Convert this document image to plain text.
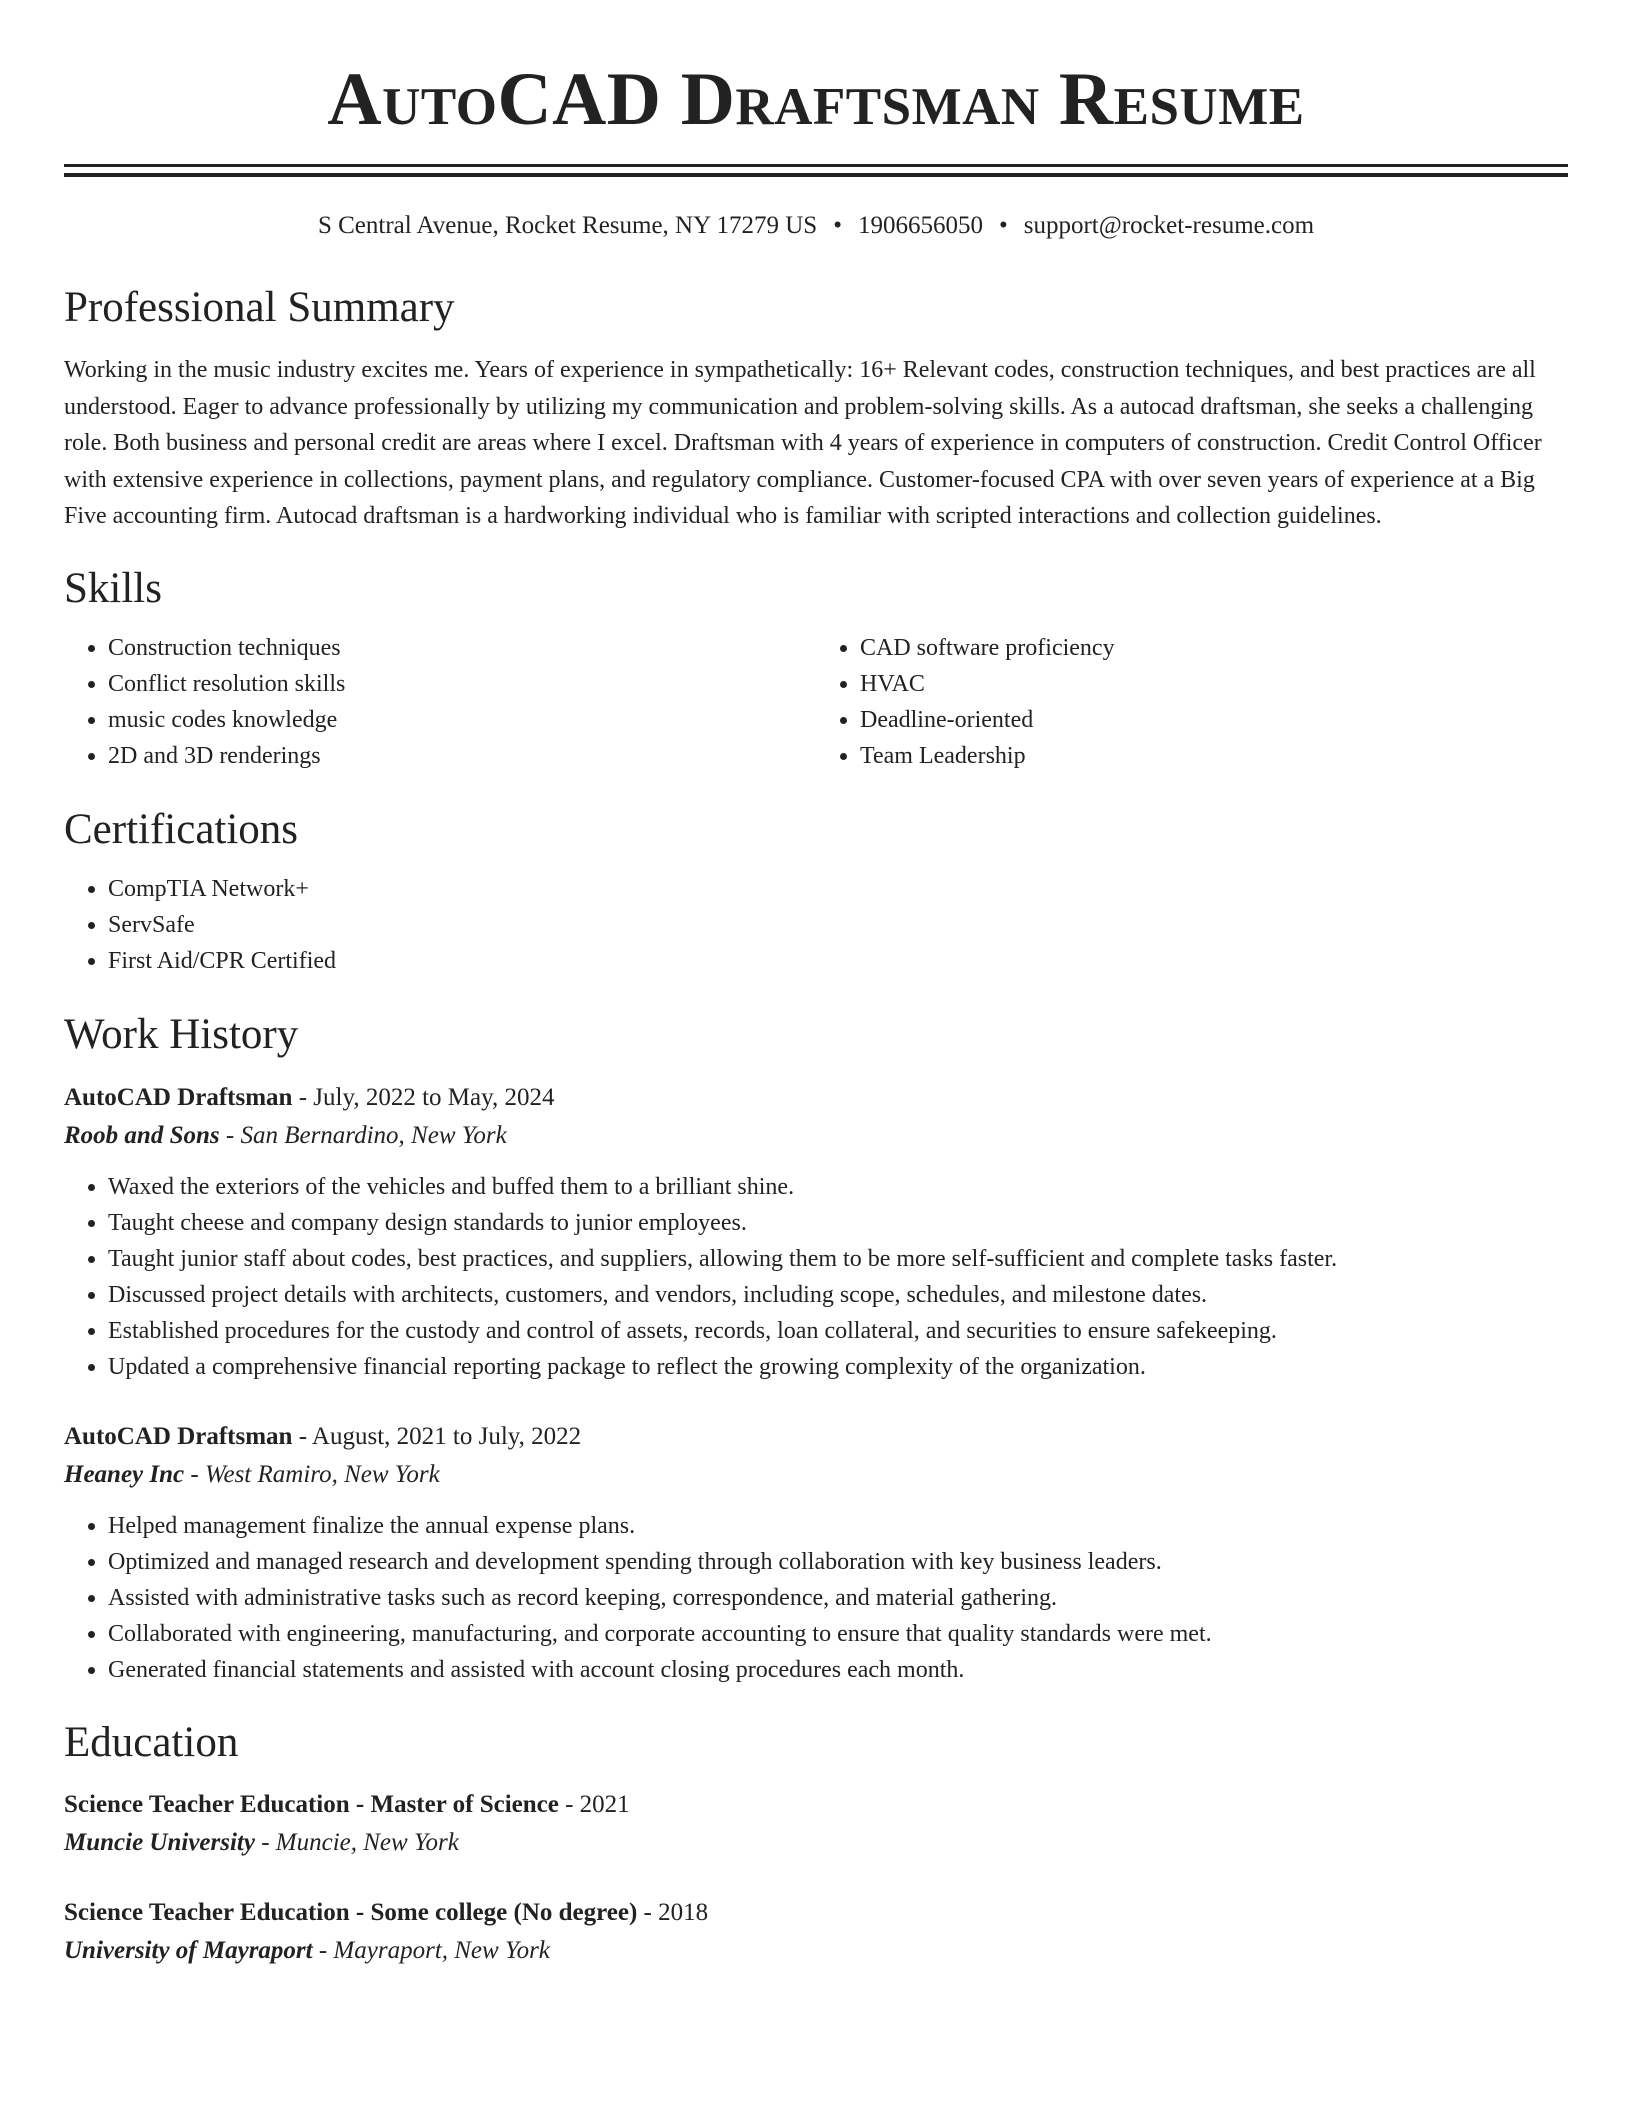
AutoCAD Draftsman Resume
S Central Avenue, Rocket Resume, NY 17279 US • 1906656050 • support@rocket-resume.com
Professional Summary

Working in the music industry excites me. Years of experience in sympathetically: 16+ Relevant codes, construction techniques, and best practices are all understood. Eager to advance professionally by utilizing my communication and problem-solving skills. As a autocad draftsman, she seeks a challenging role. Both business and personal credit are areas where I excel. Draftsman with 4 years of experience in computers of construction. Credit Control Officer with extensive experience in collections, payment plans, and regulatory compliance. Customer-focused CPA with over seven years of experience at a Big Five accounting firm. Autocad draftsman is a hardworking individual who is familiar with scripted interactions and collection guidelines.

Skills
• Construction techniques
• Conflict resolution skills
• music codes knowledge
• 2D and 3D renderings
• CAD software proficiency
• HVAC
• Deadline-oriented
• Team Leadership
Certifications
• CompTIA Network+
• ServSafe
• First Aid/CPR Certified
Work History
AutoCAD Draftsman - July, 2022 to May, 2024
Roob and Sons - San Bernardino, New York
• Waxed the exteriors of the vehicles and buffed them to a brilliant shine.
• Taught cheese and company design standards to junior employees.
• Taught junior staff about codes, best practices, and suppliers, allowing them to be more self-sufficient and complete tasks faster.
• Discussed project details with architects, customers, and vendors, including scope, schedules, and milestone dates.
• Established procedures for the custody and control of assets, records, loan collateral, and securities to ensure safekeeping.
• Updated a comprehensive financial reporting package to reflect the growing complexity of the organization.
AutoCAD Draftsman - August, 2021 to July, 2022
Heaney Inc - West Ramiro, New York
• Helped management finalize the annual expense plans.
• Optimized and managed research and development spending through collaboration with key business leaders.
• Assisted with administrative tasks such as record keeping, correspondence, and material gathering.
• Collaborated with engineering, manufacturing, and corporate accounting to ensure that quality standards were met.
• Generated financial statements and assisted with account closing procedures each month.
Education
Science Teacher Education - Master of Science - 2021
Muncie University - Muncie, New York
Science Teacher Education - Some college (No degree) - 2018
University of Mayraport - Mayraport, New York
